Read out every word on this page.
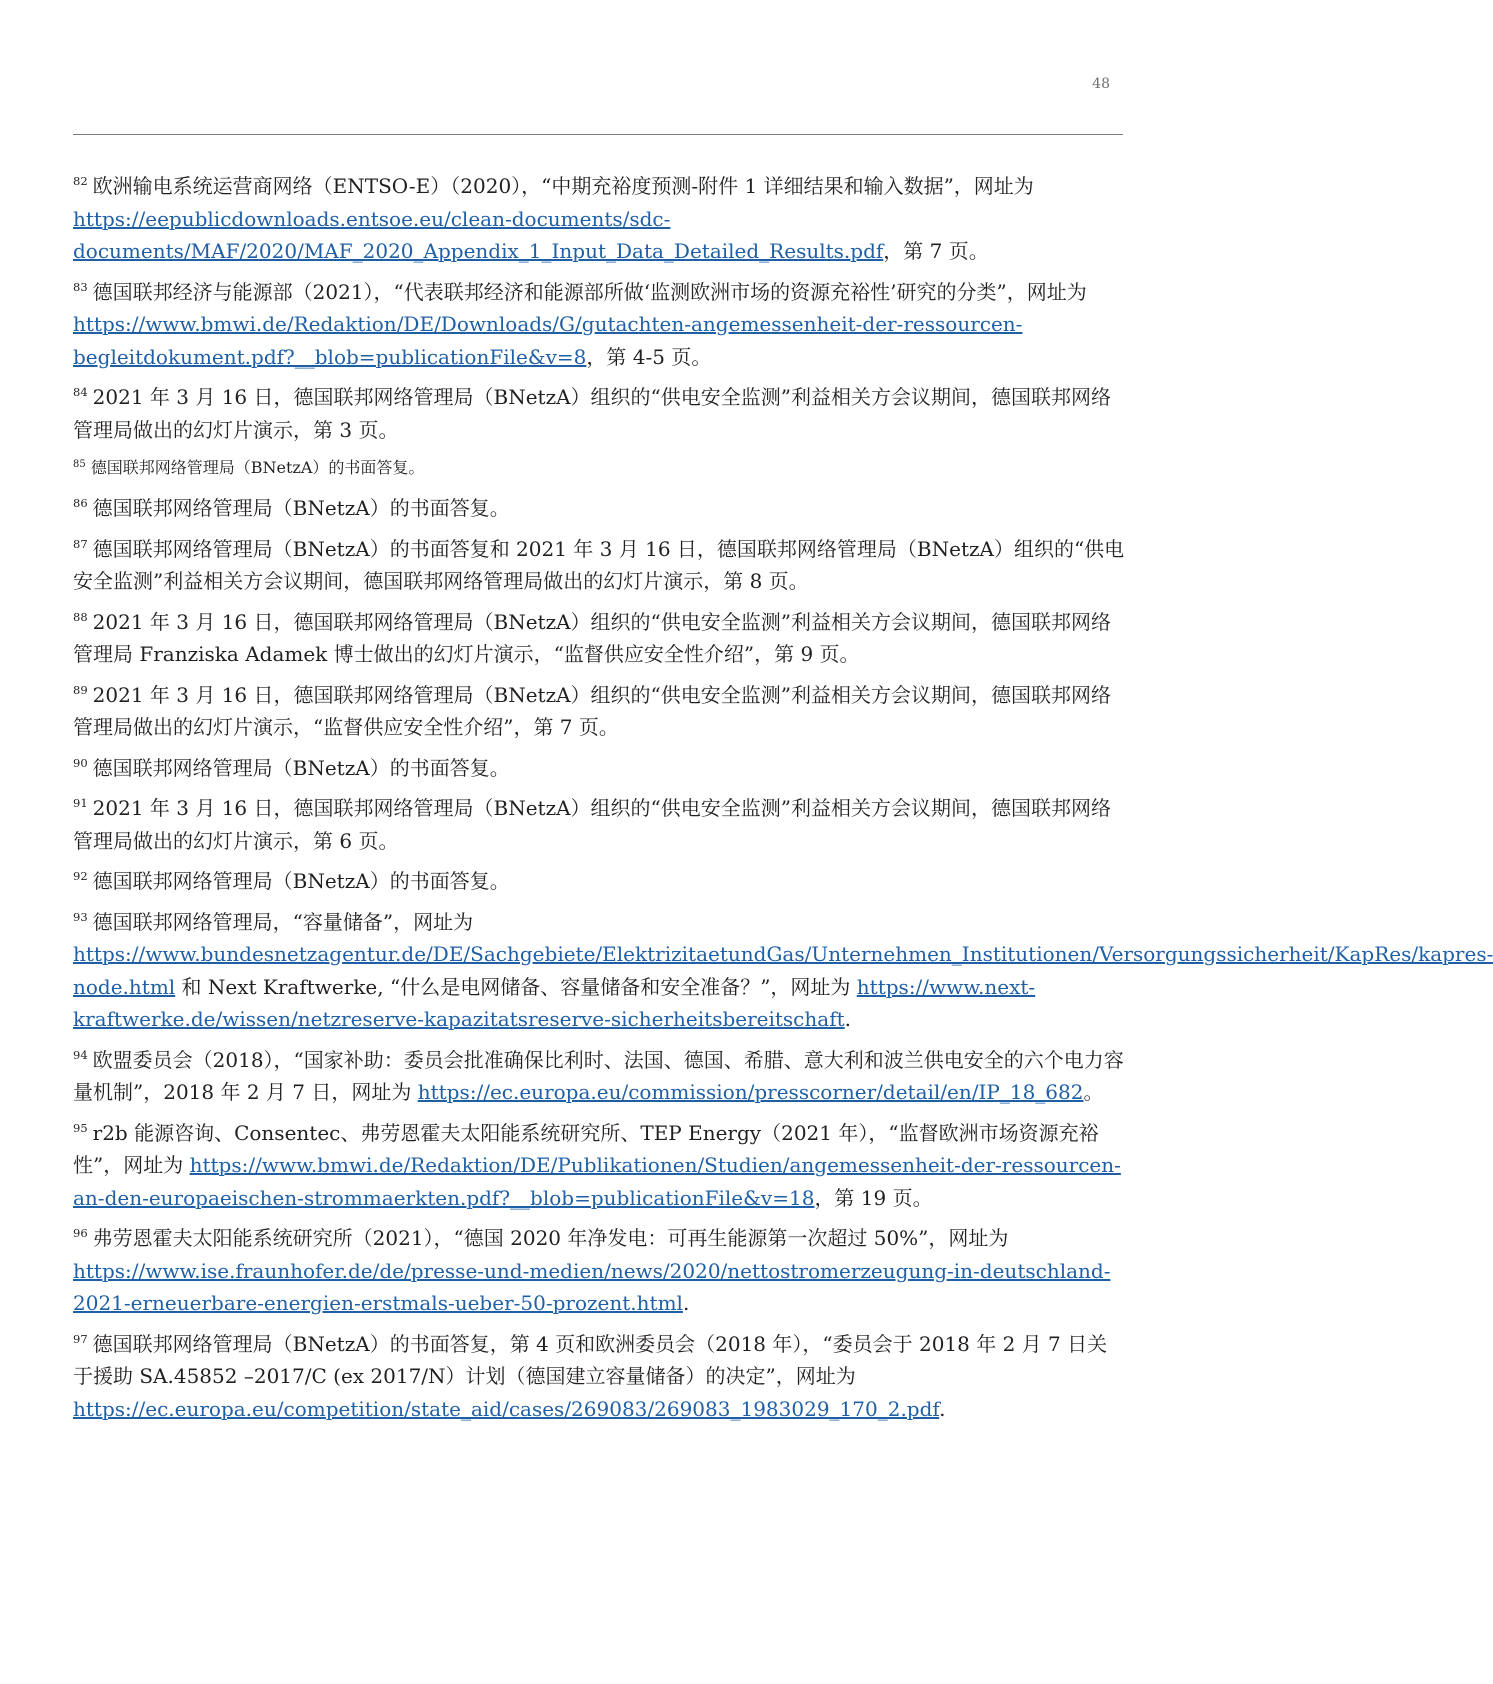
48

$^{82}$ 欧洲输电系统运营商网络（ENTSO-E）（2020），“中期充裕度预测-附件 1 详细结果和输入数据”，网址为 https://eepublicdownloads.entsoe.eu/clean-documents/sdc-documents/MAF/2020/MAF_2020_Appendix_1_Input_Data_Detailed_Results.pdf，第 7 页。

$^{83}$ 德国联邦经济与能源部（2021），“代表联邦经济和能源部所做‘监测欧洲市场的资源充裕性’研究的分类”，网址为 https://www.bmwi.de/Redaktion/DE/Downloads/G/gutachten-angemessenheit-der-ressourcen-begleitdokument.pdf?__blob=publicationFile&v=8，第 4-5 页。

$^{84}$ 2021 年 3 月 16 日，德国联邦网络管理局（BNetzA）组织的“供电安全监测”利益相关方会议期间，德国联邦网络管理局做出的幻灯片演示，第 3 页。

$^{85}$ 德国联邦网络管理局（BNetzA）的书面答复。

$^{86}$ 德国联邦网络管理局（BNetzA）的书面答复。

$^{87}$ 德国联邦网络管理局（BNetzA）的书面答复和 2021 年 3 月 16 日，德国联邦网络管理局（BNetzA）组织的“供电安全监测”利益相关方会议期间，德国联邦网络管理局做出的幻灯片演示，第 8 页。

$^{88}$ 2021 年 3 月 16 日，德国联邦网络管理局（BNetzA）组织的“供电安全监测”利益相关方会议期间，德国联邦网络管理局 Franziska Adamek 博士做出的幻灯片演示，“监督供应安全性介绍”，第 9 页。

$^{89}$ 2021 年 3 月 16 日，德国联邦网络管理局（BNetzA）组织的“供电安全监测”利益相关方会议期间，德国联邦网络管理局做出的幻灯片演示，“监督供应安全性介绍”，第 7 页。

$^{90}$ 德国联邦网络管理局（BNetzA）的书面答复。

$^{91}$ 2021 年 3 月 16 日，德国联邦网络管理局（BNetzA）组织的“供电安全监测”利益相关方会议期间，德国联邦网络管理局做出的幻灯片演示，第 6 页。

$^{92}$ 德国联邦网络管理局（BNetzA）的书面答复。

$^{93}$ 德国联邦网络管理局，“容量储备”，网址为 https://www.bundesnetzagentur.de/DE/Sachgebiete/ElektrizitaetundGas/Unternehmen_Institutionen/Versorgungssicherheit/KapRes/kapres-node.html 和 Next Kraftwerke, “什么是电网储备、容量储备和安全准备？”，网址为 https://www.next-kraftwerke.de/wissen/netzreserve-kapazitatsreserve-sicherheitsbereitschaft.

$^{94}$ 欧盟委员会（2018），“国家补助：委员会批准确保比利时、法国、德国、希腊、意大利和波兰供电安全的六个电力容量机制”，2018 年 2 月 7 日，网址为 https://ec.europa.eu/commission/presscorner/detail/en/IP_18_682。

$^{95}$ r2b 能源咨询、Consentec、弗劳恩霍夫太阳能系统研究所、TEP Energy（2021 年），“监督欧洲市场资源充裕性”，网址为 https://www.bmwi.de/Redaktion/DE/Publikationen/Studien/angemessenheit-der-ressourcen-an-den-europaeischen-strommaerkten.pdf?__blob=publicationFile&v=18，第 19 页。

$^{96}$ 弗劳恩霍夫太阳能系统研究所（2021），“德国 2020 年净发电：可再生能源第一次超过 50%”，网址为 https://www.ise.fraunhofer.de/de/presse-und-medien/news/2020/nettostromerzeugung-in-deutschland-2021-erneuerbare-energien-erstmals-ueber-50-prozent.html.

$^{97}$ 德国联邦网络管理局（BNetzA）的书面答复，第 4 页和欧洲委员会（2018 年），“委员会于 2018 年 2 月 7 日关于援助 SA.45852 –2017/C (ex 2017/N）计划（德国建立容量储备）的决定”，网址为 https://ec.europa.eu/competition/state_aid/cases/269083/269083_1983029_170_2.pdf.
